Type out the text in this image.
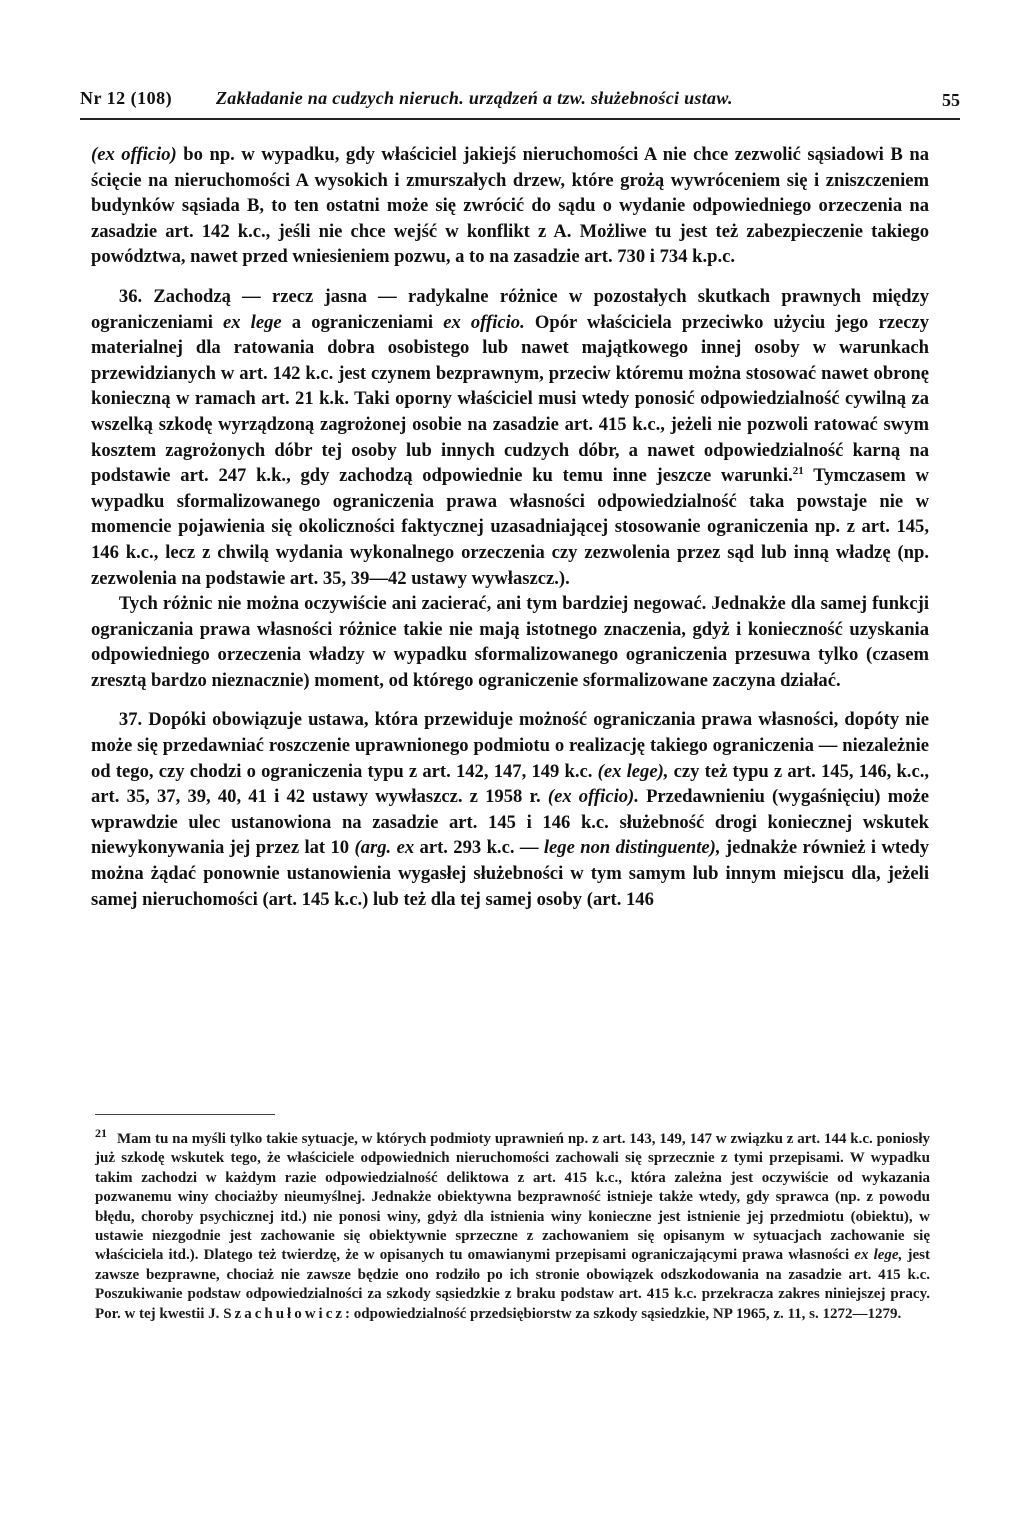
Nr 12 (108) Zakładanie na cudzych nieruch. urządzeń a tzw. służebności ustaw.	55

(ex officio) bo np. w wypadku, gdy właściciel jakiejś nieruchomości A nie chce zezwolić sąsiadowi B na ścięcie na nieruchomości A wysokich i zmurszałych drzew, które grożą wywróceniem się i zniszczeniem budynków sąsiada B, to ten ostatni może się zwrócić do sądu o wydanie odpowiedniego orzeczenia na zasadzie art. 142 k.c., jeśli nie chce wejść w konflikt z A. Możliwe tu jest też zabezpieczenie takiego powództwa, nawet przed wniesieniem pozwu, a to na zasadzie art. 730 i 734 k.p.c.

36. Zachodzą — rzecz jasna — radykalne różnice w pozostałych skutkach prawnych między ograniczeniami ex lege a ograniczeniami ex officio. Opór właściciela przeciwko użyciu jego rzeczy materialnej dla ratowania dobra osobistego lub nawet majątkowego innej osoby w warunkach przewidzianych w art. 142 k.c. jest czynem bezprawnym, przeciw któremu można stosować nawet obronę konieczną w ramach art. 21 k.k. Taki oporny właściciel musi wtedy ponosić odpowiedzialność cywilną za wszelką szkodę wyrządzoną zagrożonej osobie na zasadzie art. 415 k.c., jeżeli nie pozwoli ratować swym kosztem zagrożonych dóbr tej osoby lub innych cudzych dóbr, a nawet odpowiedzialność karną na podstawie art. 247 k.k., gdy zachodzą odpowiednie ku temu inne jeszcze warunki.$^{21}$ Tymczasem w wypadku sformalizowanego ograniczenia prawa własności odpowiedzialność taka powstaje nie w momencie pojawienia się okoliczności faktycznej uzasadniającej stosowanie ograniczenia np. z art. 145, 146 k.c., lecz z chwilą wydania wykonalnego orzeczenia czy zezwolenia przez sąd lub inną władzę (np. zezwolenia na podstawie art. 35, 39—42 ustawy wywłaszcz.).

Tych różnic nie można oczywiście ani zacierać, ani tym bardziej negować. Jednakże dla samej funkcji ograniczania prawa własności różnice takie nie mają istotnego znaczenia, gdyż i konieczność uzyskania odpowiedniego orzeczenia władzy w wypadku sformalizowanego ograniczenia przesuwa tylko (czasem zresztą bardzo nieznacznie) moment, od którego ograniczenie sformalizowane zaczyna działać.

37. Dopóki obowiązuje ustawa, która przewiduje możność ograniczania prawa własności, dopóty nie może się przedawniać roszczenie uprawnionego podmiotu o realizację takiego ograniczenia — niezależnie od tego, czy chodzi o ograniczenia typu z art. 142, 147, 149 k.c. (ex lege), czy też typu z art. 145, 146, k.c., art. 35, 37, 39, 40, 41 i 42 ustawy wywłaszcz. z 1958 r. (ex officio). Przedawnieniu (wygaśnięciu) może wprawdzie ulec ustanowiona na zasadzie art. 145 i 146 k.c. służebność drogi koniecznej wskutek niewykonywania jej przez lat 10 (arg. ex art. 293 k.c. — lege non distinguente), jednakże również i wtedy można żądać ponownie ustanowienia wygasłej służebności w tym samym lub innym miejscu dla, jeżeli samej nieruchomości (art. 145 k.c.) lub też dla tej samej osoby (art. 146

$^{21}$ Mam tu na myśli tylko takie sytuacje, w których podmioty uprawnień np. z art. 143, 149, 147 w związku z art. 144 k.c. poniosły już szkodę wskutek tego, że właściciele odpowiednich nieruchomości zachowali się sprzecznie z tymi przepisami. W wypadku takim zachodzi w każdym razie odpowiedzialność deliktowa z art. 415 k.c., która zależna jest oczywiście od wykazania pozwanemu winy chociażby nieumyślnej. Jednakże obiektywna bezprawność istnieje także wtedy, gdy sprawca (np. z powodu błędu, choroby psychicznej itd.) nie ponosi winy, gdyż dla istnienia winy konieczne jest istnienie jej przedmiotu (obiektu), w ustawie niezgodnie jest zachowanie się obiektywnie sprzeczne z zachowaniem się opisanym w sytuacjach zachowanie się właściciela itd.). Dlatego też twierdzę, że w opisanych tu omawianymi przepisami ograniczającymi prawa własności ex lege, jest zawsze bezprawne, chociaż nie zawsze będzie ono rodziło po ich stronie obowiązek odszkodowania na zasadzie art. 415 k.c. Poszukiwanie podstaw odpowiedzialności za szkody sąsiedzkie z braku podstaw art. 415 k.c. przekracza zakres niniejszej pracy. Por. w tej kwestii J. Szachułowicz: odpowiedzialność przedsiębiorstw za szkody sąsiedzkie, NP 1965, z. 11, s. 1272—1279.
